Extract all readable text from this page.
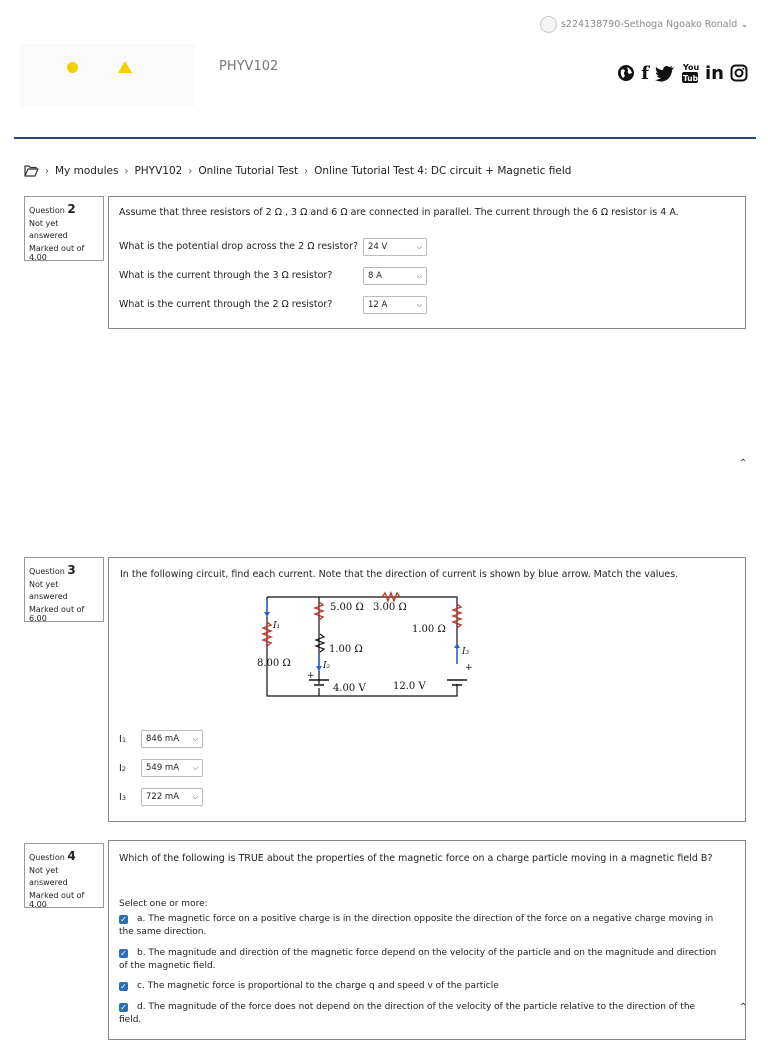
s224138790-Sethoga Ngoako Ronald ⌄
PHYV102	f	You
Tube in
› My modules › PHYV102 › Online Tutorial Test › Online Tutorial Test 4: DC circuit + Magnetic field
Question 2
Not yet answered
Marked out of
4.00
Assume that three resistors of 2 Ω , 3 Ω and 6 Ω are connected in parallel. The current through the 6 Ω resistor is 4 A.
What is the potential drop across the 2 Ω resistor? 24 V	⌵
What is the current through the 3 Ω resistor?	8 A	⌵
What is the current through the 2 Ω resistor?	12 A	⌵
⌃
Question 3
Not yet answered
Marked out of
6.00
In the following circuit, find each current. Note that the direction of current is shown by blue arrow. Match the values.
5.00 Ω 3.00 Ω
1.00 Ω
1.00 Ω
8.00 Ω
4.00 V	12.0 V
I₁
I₂
I₃
+
+
I 1 846 mA ⌵
I 2 549 mA ⌵
I 3 722 mA ⌵
Question 4
Not yet answered
Marked out of
4.00
Which of the following is TRUE about the properties of the magnetic force on a charge particle moving in a magnetic field B?
Select one or more:
✓ a. The magnetic force on a positive charge is in the direction opposite the direction of the force on a negative charge moving in
the same direction.
✓ b. The magnitude and direction of the magnetic force depend on the velocity of the particle and on the magnitude and direction
of the magnetic field.
✓ c. The magnetic force is proportional to the charge q and speed v of the particle
✓ d. The magnitude of the force does not depend on the direction of the velocity of the particle relative to the direction of the
field.
⌃
